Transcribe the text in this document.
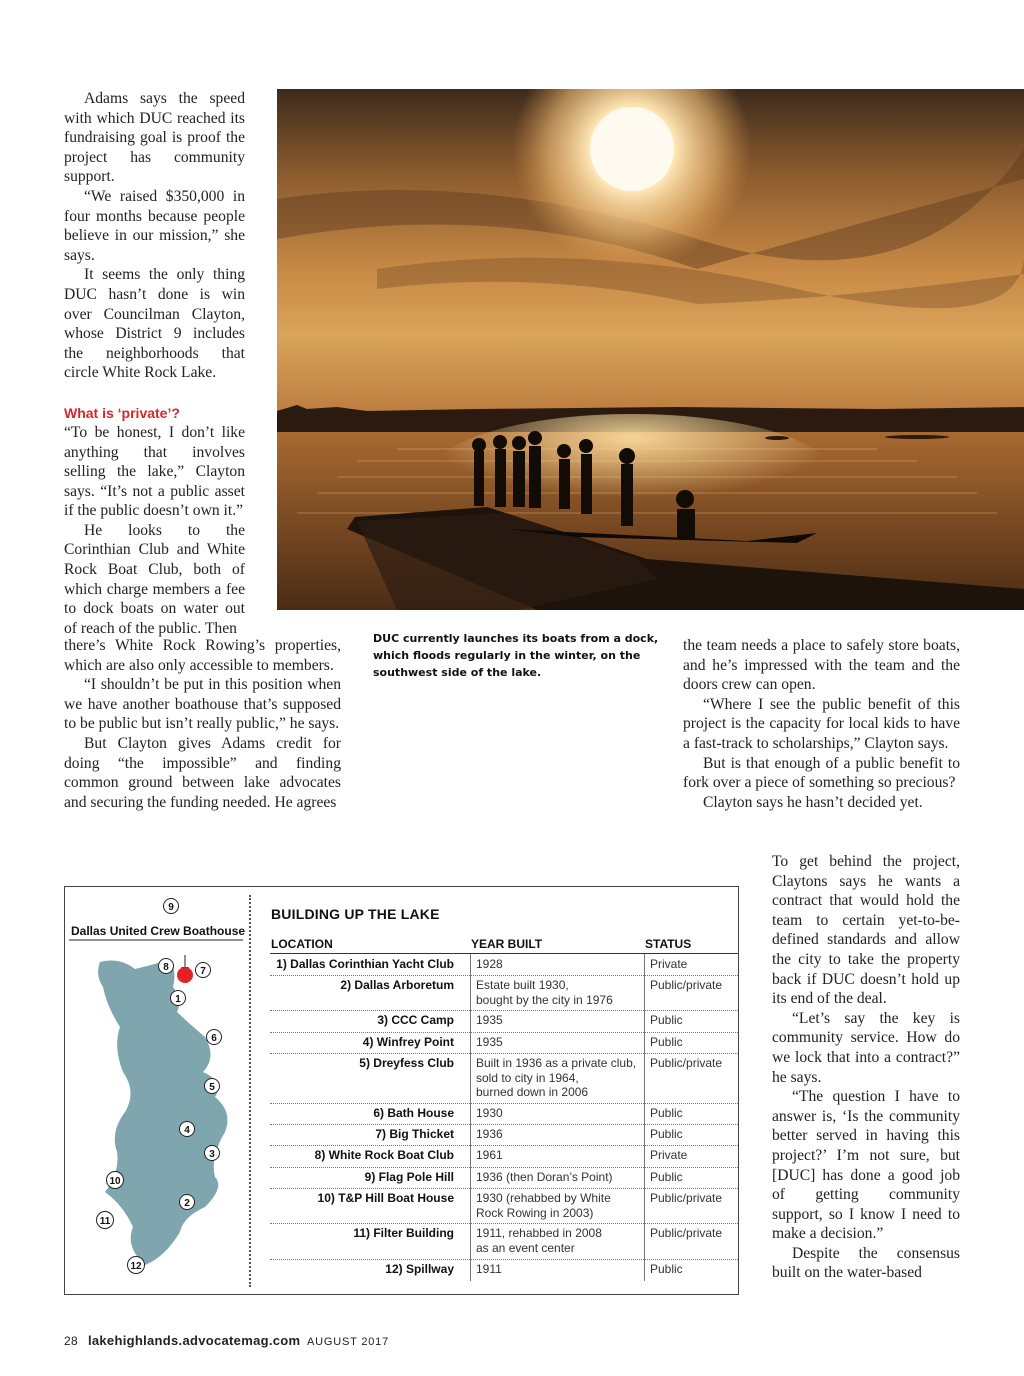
Adams says the speed with which DUC reached its fundraising goal is proof the project has community support.

“We raised $350,000 in four months because people believe in our mission,” she says.

It seems the only thing DUC hasn’t done is win over Councilman Clayton, whose District 9 includes the neighborhoods that circle White Rock Lake.

What is ‘private’?

“To be honest, I don’t like anything that involves selling the lake,” Clayton says. “It’s not a public asset if the public doesn’t own it.”

He looks to the Corinthian Club and White Rock Boat Club, both of which charge members a fee to dock boats on water out of reach of the public. Then

there’s White Rock Rowing’s properties, which are also only accessible to members.

“I shouldn’t be put in this position when we have another boathouse that’s supposed to be public but isn’t really public,” he says.

But Clayton gives Adams credit for doing “the impossible” and finding common ground between lake advocates and securing the funding needed. He agrees

DUC currently launches its boats from a dock, which floods regularly in the winter, on the southwest side of the lake.

the team needs a place to safely store boats, and he’s impressed with the team and the doors crew can open.

“Where I see the public benefit of this project is the capacity for local kids to have a fast-track to scholarships,” Clayton says.

But is that enough of a public benefit to fork over a piece of something so precious?

Clayton says he hasn’t decided yet.

To get behind the project, Claytons says he wants a contract that would hold the team to certain yet-to-be-defined standards and allow the city to take the property back if DUC doesn’t hold up its end of the deal.

“Let’s say the key is community service. How do we lock that into a contract?” he says.

“The question I have to answer is, ‘Is the community better served in having this project?’ I’m not sure, but [DUC] has done a good job of getting community support, so I know I need to make a decision.”

Despite the consensus built on the water-based

Dallas United Crew Boathouse
1
2
3
4
5
6
7
8
9
10
11
12
BUILDING UP THE LAKE
LOCATION	YEAR BUILT	STATUS
1) Dallas Corinthian Yacht Club	1928	Private
2) Dallas Arboretum	Estate built 1930,
bought by the city in 1976
Public/private
3) CCC Camp	1935	Public
4) Winfrey Point	1935	Public
5) Dreyfess Club	Built in 1936 as a private club,
sold to city in 1964,
burned down in 2006
Public/private
6) Bath House	1930	Public
7) Big Thicket	1936	Public
8) White Rock Boat Club	1961	Private
9) Flag Pole Hill	1936 (then Doran’s Point)	Public
10) T&P Hill Boat House	1930 (rehabbed by White
Rock Rowing in 2003)
Public/private
11) Filter Building	1911, rehabbed in 2008
as an event center
Public/private
12) Spillway	1911	Public
28 lakehighlands.advocatemag.com AUGUST 2017
